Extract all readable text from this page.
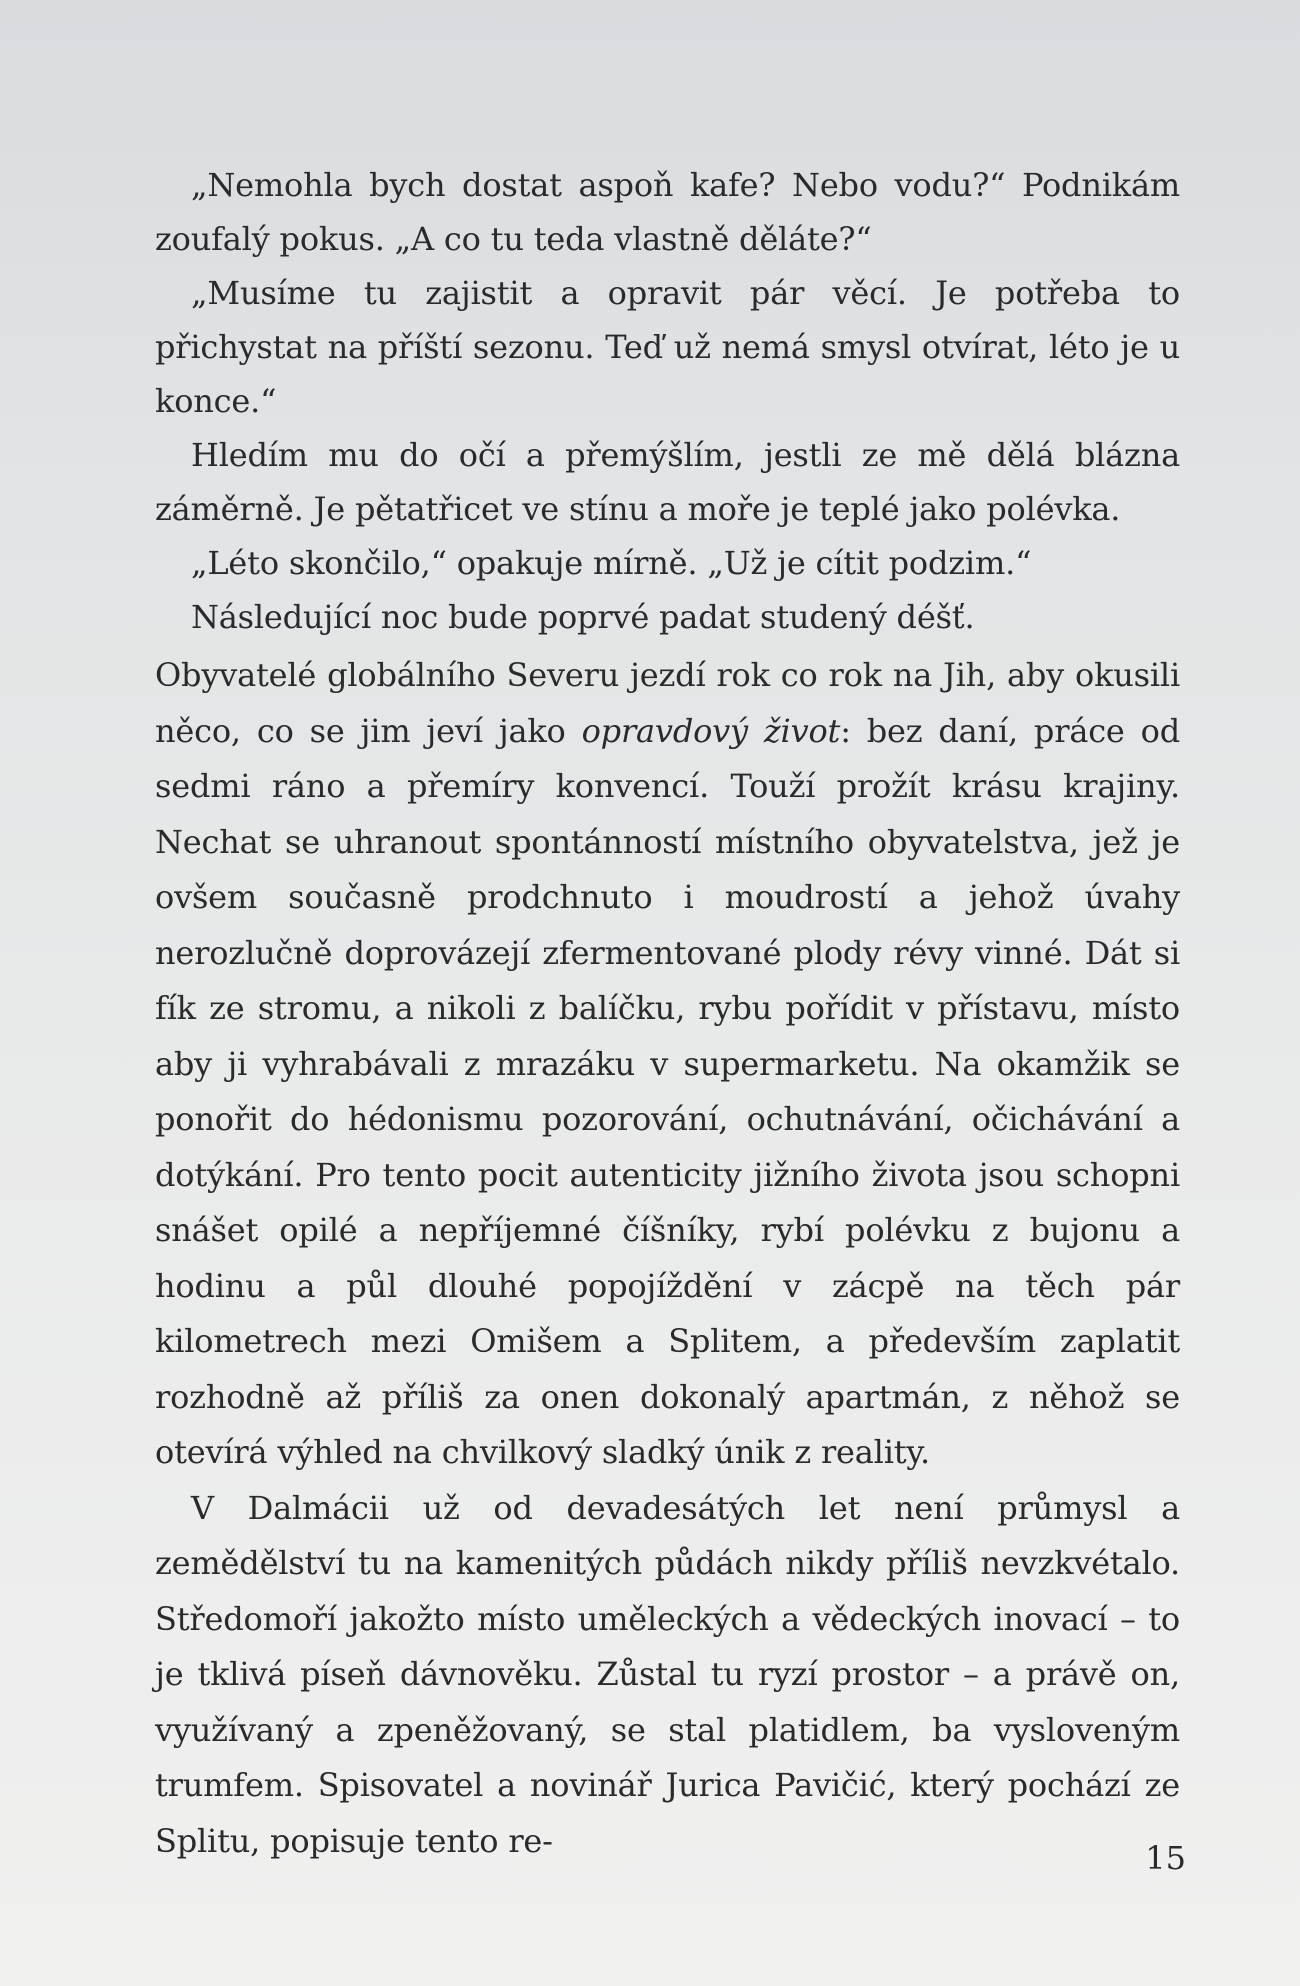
„Nemohla bych dostat aspoň kafe? Nebo vodu?“ Podnikám zoufalý pokus. „A co tu teda vlastně děláte?“

„Musíme tu zajistit a opravit pár věcí. Je potřeba to přichystat na příští sezonu. Teď už nemá smysl otvírat, léto je u konce.“

Hledím mu do očí a přemýšlím, jestli ze mě dělá blázna záměrně. Je pětatřicet ve stínu a moře je teplé jako polévka.

„Léto skončilo,“ opakuje mírně. „Už je cítit podzim.“

Následující noc bude poprvé padat studený déšť.

Obyvatelé globálního Severu jezdí rok co rok na Jih, aby okusili něco, co se jim jeví jako opravdový život: bez daní, práce od sedmi ráno a přemíry konvencí. Touží prožít krásu krajiny. Nechat se uhranout spontánností místního obyvatelstva, jež je ovšem současně prodchnuto i moudrostí a jehož úvahy nerozlučně doprovázejí zfermentované plody révy vinné. Dát si fík ze stromu, a nikoli z balíčku, rybu pořídit v přístavu, místo aby ji vyhrabávali z mrazáku v supermarketu. Na okamžik se ponořit do hédonismu pozorování, ochutnávání, očichávání a dotýkání. Pro tento pocit autenticity jižního života jsou schopni snášet opilé a nepříjemné číšníky, rybí polévku z bujonu a hodinu a půl dlouhé popojíždění v zácpě na těch pár kilometrech mezi Omišem a Splitem, a především zaplatit rozhodně až příliš za onen dokonalý apartmán, z něhož se otevírá výhled na chvilkový sladký únik z reality.

V Dalmácii už od devadesátých let není průmysl a zemědělství tu na kamenitých půdách nikdy příliš nevzkvétalo. Středomoří jakožto místo uměleckých a vědeckých inovací – to je tklivá píseň dávnověku. Zůstal tu ryzí prostor – a právě on, využívaný a zpeněžovaný, se stal platidlem, ba vysloveným trumfem. Spisovatel a novinář Jurica Pavičić, který pochází ze Splitu, popisuje tento re-	15
